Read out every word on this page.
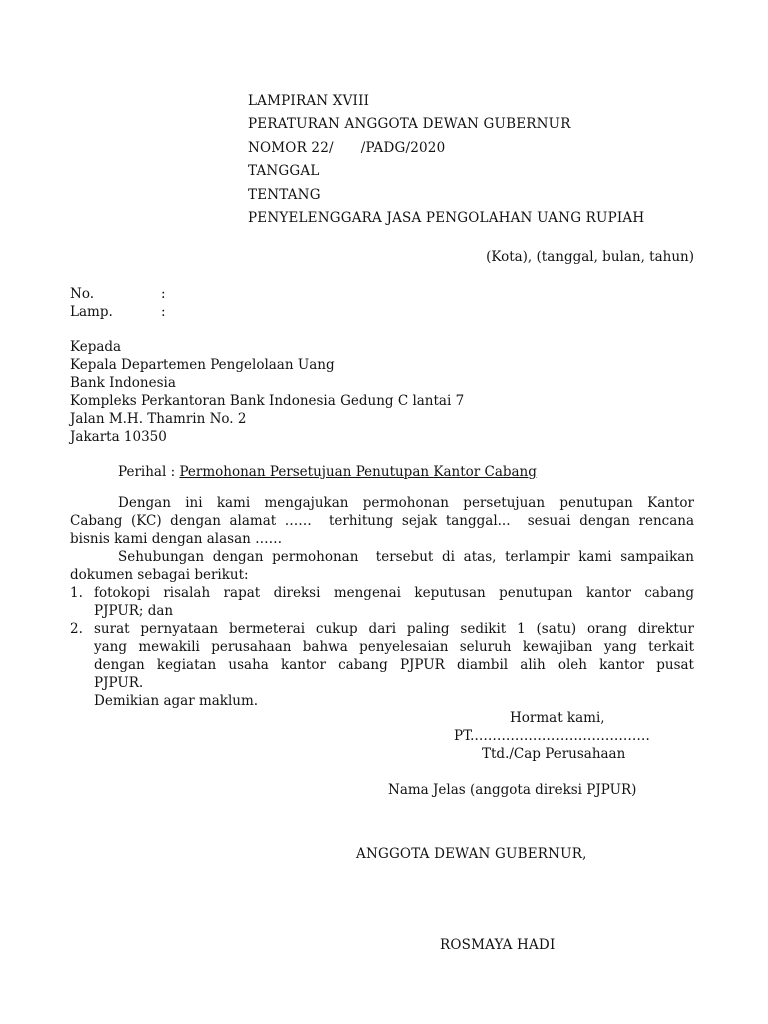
LAMPIRAN XVIII
PERATURAN ANGGOTA DEWAN GUBERNUR
NOMOR 22/      /PADG/2020
TANGGAL
TENTANG
PENYELENGGARA JASA PENGOLAHAN UANG RUPIAH
(Kota), (tanggal, bulan, tahun)
No.	:
Lamp.	:
Kepada
Kepala Departemen Pengelolaan Uang
Bank Indonesia
Kompleks Perkantoran Bank Indonesia Gedung C lantai 7
Jalan M.H. Thamrin No. 2
Jakarta 10350
Perihal : Permohonan Persetujuan Penutupan Kantor Cabang
Dengan ini kami mengajukan permohonan persetujuan penutupan Kantor
Cabang (KC) dengan alamat ……  terhitung sejak tanggal...  sesuai dengan rencana
bisnis kami dengan alasan ……
Sehubungan dengan permohonan  tersebut di atas, terlampir kami sampaikan
dokumen sebagai berikut:
1. fotokopi risalah rapat direksi mengenai keputusan penutupan kantor cabang
PJPUR; dan
2. surat pernyataan bermeterai cukup dari paling sedikit 1 (satu) orang direktur
yang mewakili perusahaan bahwa penyelesaian seluruh kewajiban yang terkait
dengan kegiatan usaha kantor cabang PJPUR diambil alih oleh kantor pusat
PJPUR.
Demikian agar maklum.
Hormat kami,
PT.…………………………………
Ttd./Cap Perusahaan
Nama Jelas (anggota direksi PJPUR)
ANGGOTA DEWAN GUBERNUR,
ROSMAYA HADI
